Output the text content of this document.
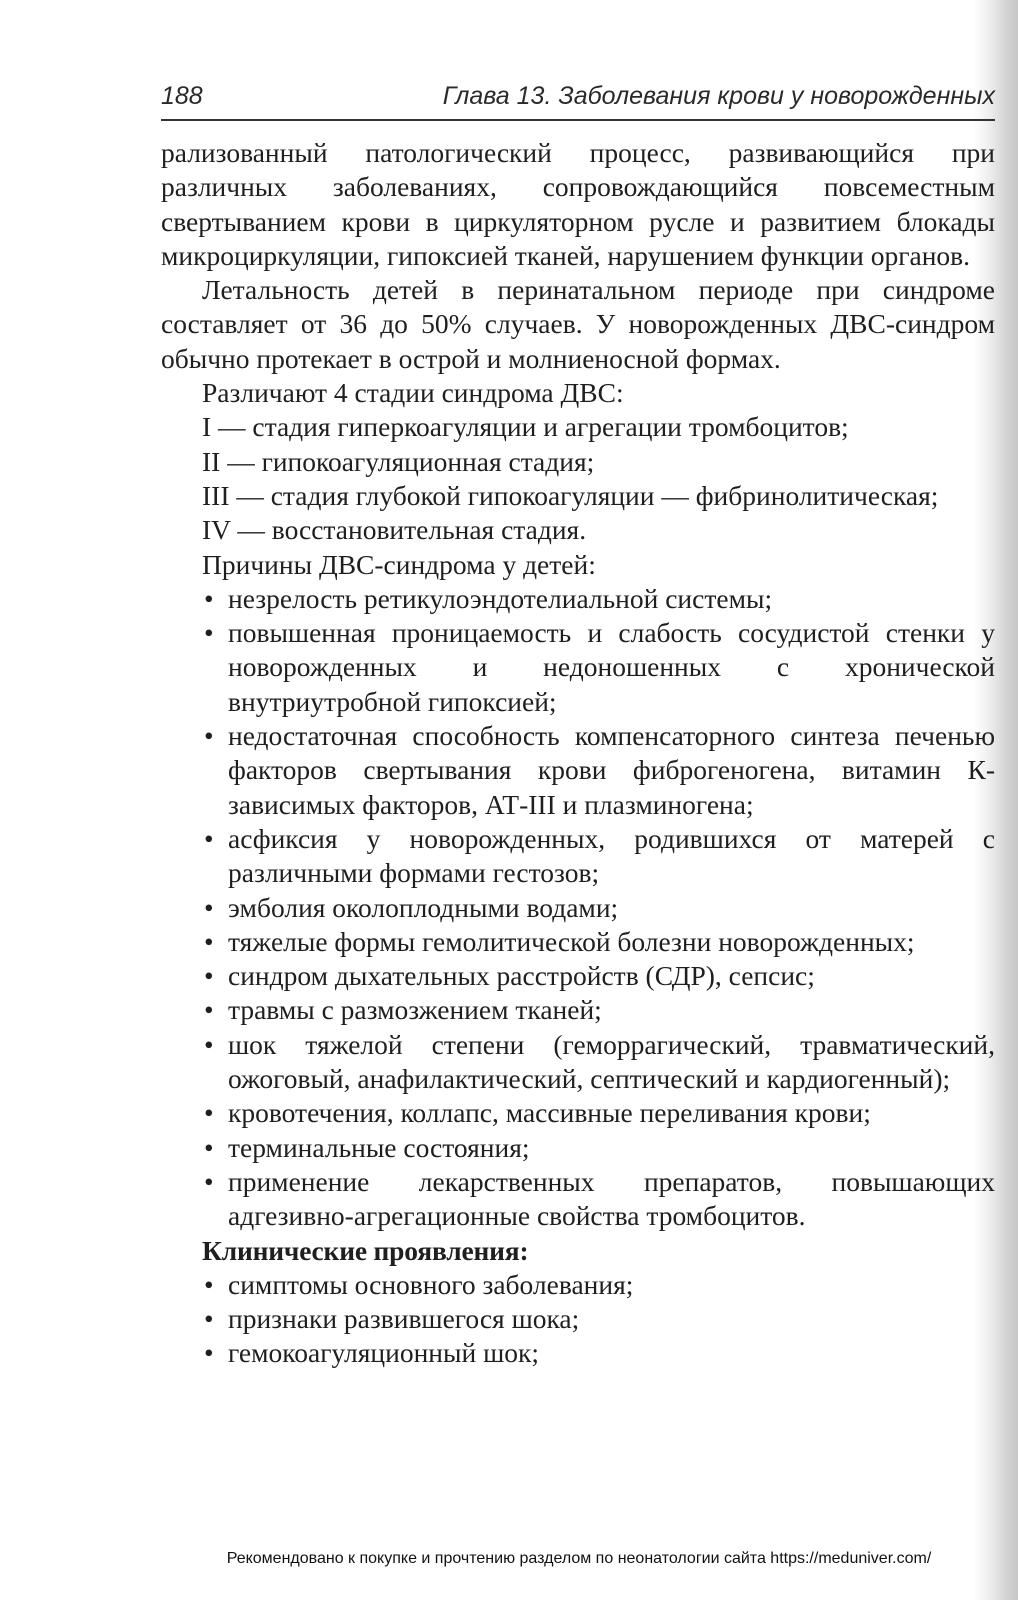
188	Глава 13. Заболевания крови у новорожденных

рализованный патологический процесс, развивающийся при различных заболеваниях, сопровождающийся повсеместным свертыванием крови в циркуляторном русле и развитием блокады микроциркуляции, гипоксией тканей, нарушением функции органов.

Летальность детей в перинатальном периоде при синдроме составляет от 36 до 50% случаев. У новорожденных ДВС-синдром обычно протекает в острой и молниеносной формах.

Различают 4 стадии синдрома ДВС:

I — стадия гиперкоагуляции и агрегации тромбоцитов;

II — гипокоагуляционная стадия;

III — стадия глубокой гипокоагуляции — фибринолитическая;

IV — восстановительная стадия.

Причины ДВС-синдрома у детей:

• незрелость ретикулоэндотелиальной системы;
• повышенная проницаемость и слабость сосудистой стенки у новорожденных и недоношенных с хронической внутриутробной гипоксией;
• недостаточная способность компенсаторного синтеза печенью факторов свертывания крови фиброгеногена, витамин К-зависимых факторов, АТ-III и плазминогена;
• асфиксия у новорожденных, родившихся от матерей с различными формами гестозов;
• эмболия околоплодными водами;
• тяжелые формы гемолитической болезни новорожденных;
• синдром дыхательных расстройств (СДР), сепсис;
• травмы с размозжением тканей;
• шок тяжелой степени (геморрагический, травматический, ожоговый, анафилактический, септический и кардиогенный);
• кровотечения, коллапс, массивные переливания крови;
• терминальные состояния;
• применение лекарственных препаратов, повышающих адгезивно-агрегационные свойства тромбоцитов.

Клинические проявления:

• симптомы основного заболевания;
• признаки развившегося шока;
• гемокоагуляционный шок;
Рекомендовано к покупке и прочтению разделом по неонатологии сайта https://meduniver.com/
